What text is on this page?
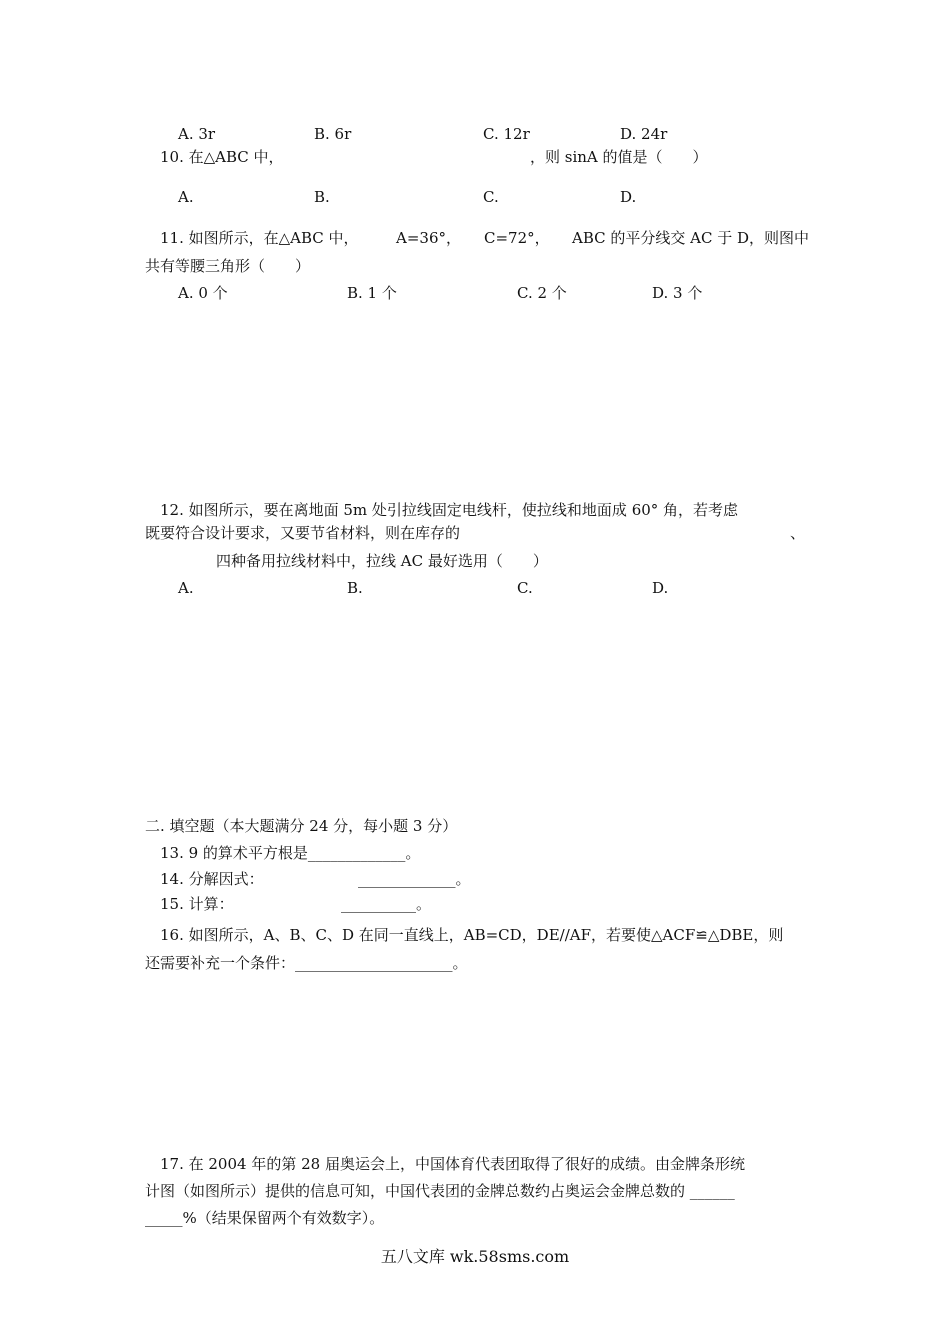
A. 3r	B. 6r	C. 12r	D. 24r
10. 在△ABC 中，	，则 sinA 的值是（　　）
A.	B.	C.	D.
11. 如图所示，在△ABC 中， A=36°， C=72°， ABC 的平分线交 AC 于 D，则图中
共有等腰三角形（　　）
A. 0 个	B. 1 个	C. 2 个	D. 3 个
12. 如图所示，要在离地面 5m 处引拉线固定电线杆，使拉线和地面成 60° 角，若考虑
既要符合设计要求，又要节省材料，则在库存的	、
四种备用拉线材料中，拉线 AC 最好选用（　　）
A.	B.	C.	D.
二. 填空题（本大题满分 24 分，每小题 3 分）
13. 9 的算术平方根是_____________。
14. 分解因式：	_____________。
15. 计算：	__________。
16. 如图所示，A、B、C、D 在同一直线上，AB=CD，DE//AF，若要使△ACF≌△DBE，则
还需要补充一个条件：_____________________。
17. 在 2004 年的第 28 届奥运会上，中国体育代表团取得了很好的成绩。由金牌条形统
计图（如图所示）提供的信息可知，中国代表团的金牌总数约占奥运会金牌总数的 ______
_____%（结果保留两个有效数字）。
五八文库 wk.58sms.com
